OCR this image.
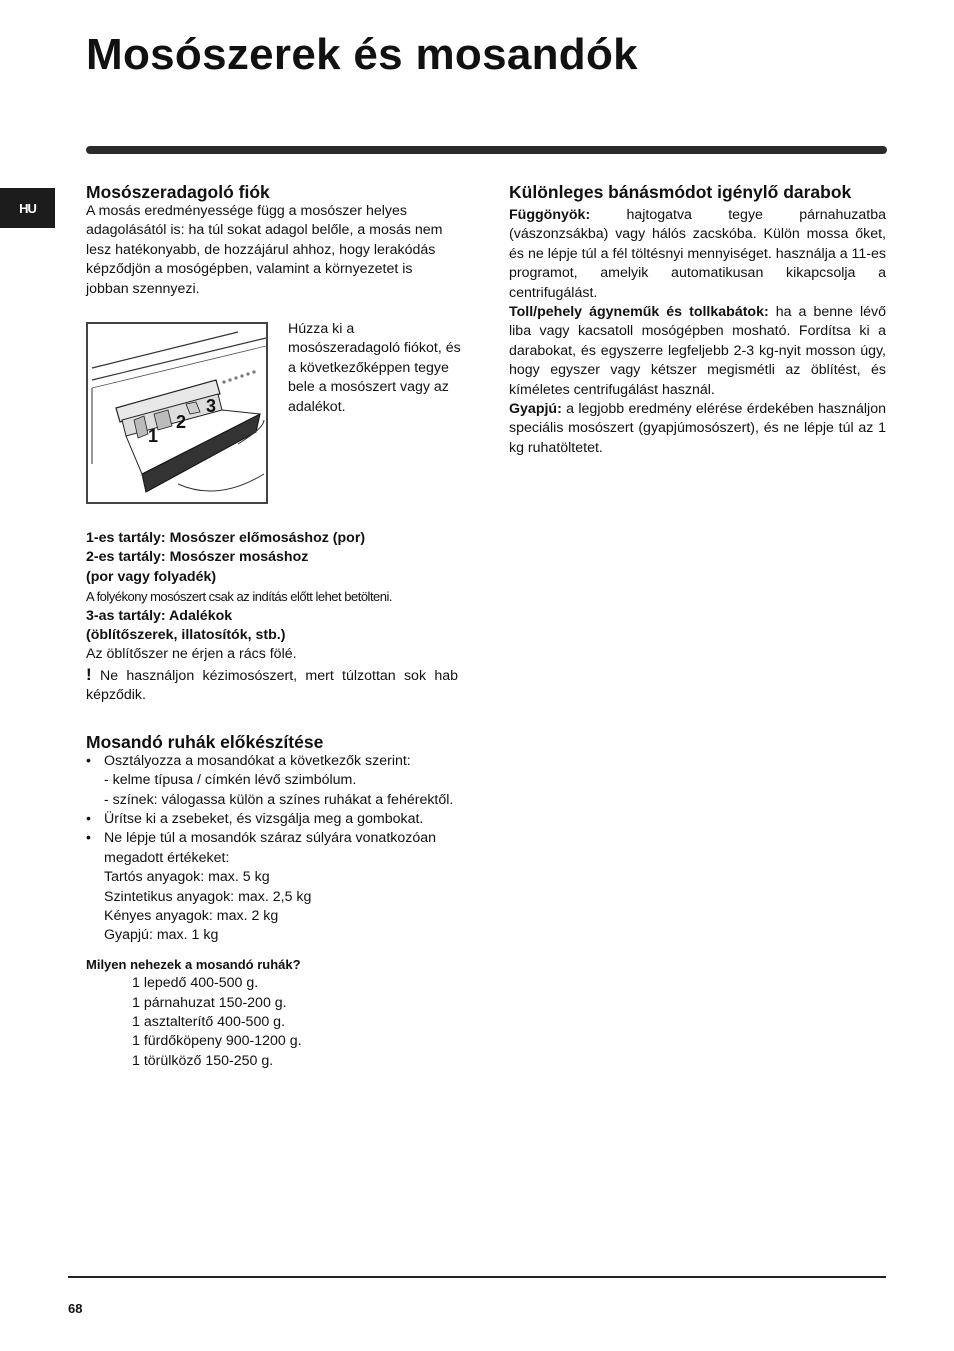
Mosószerek és mosandók
HU
Mosószeradagoló fiók

A mosás eredményessége függ a mosószer helyes adagolásától is: ha túl sokat adagol belőle, a mosás nem lesz hatékonyabb, de hozzájárul ahhoz, hogy lerakódás képződjön a mosógépben, valamint a környezetet is jobban szennyezi.

1
2
3

Húzza ki a mosószeradagoló fiókot, és a következőképpen tegye bele a mosószert vagy az adalékot.

1-es tartály: Mosószer előmosáshoz (por)

2-es tartály: Mosószer mosáshoz

(por vagy folyadék)

A folyékony mosószert csak az indítás előtt lehet betölteni.

3-as tartály: Adalékok

(öblítőszerek, illatosítók, stb.)

Az öblítőszer ne érjen a rács fölé.

! Ne használjon kézimosószert, mert túlzottan sok hab képződik.

Mosandó ruhák előkészítése
• Osztályozza a mosandókat a következők szerint:
- kelme típusa / címkén lévő szimbólum.
- színek: válogassa külön a színes ruhákat a fehérektől.
• Ürítse ki a zsebeket, és vizsgálja meg a gombokat.
• Ne lépje túl a mosandók száraz súlyára vonatkozóan megadott értékeket:
Tartós anyagok: max. 5 kg
Szintetikus anyagok: max. 2,5 kg
Kényes anyagok: max. 2 kg
Gyapjú: max. 1 kg

Milyen nehezek a mosandó ruhák?

1 lepedő 400-500 g.
1 párnahuzat 150-200 g.
1 asztalterítő 400-500 g.
1 fürdőköpeny 900-1200 g.
1 törülköző 150-250 g.
Különleges bánásmódot igénylő darabok

Függönyök: hajtogatva tegye párnahuzatba (vászonzsákba) vagy hálós zacskóba. Külön mossa őket, és ne lépje túl a fél töltésnyi mennyiséget. használja a 11-es programot, amelyik automatikusan kikapcsolja a centrifugálást.

Toll/pehely ágyneműk és tollkabátok: ha a benne lévő liba vagy kacsatoll mosógépben mosható. Fordítsa ki a darabokat, és egyszerre legfeljebb 2-3 kg-nyit mosson úgy, hogy egyszer vagy kétszer megismétli az öblítést, és kíméletes centrifugálást használ.

Gyapjú: a legjobb eredmény elérése érdekében használjon speciális mosószert (gyapjúmosószert), és ne lépje túl az 1 kg ruhatöltetet.

68
